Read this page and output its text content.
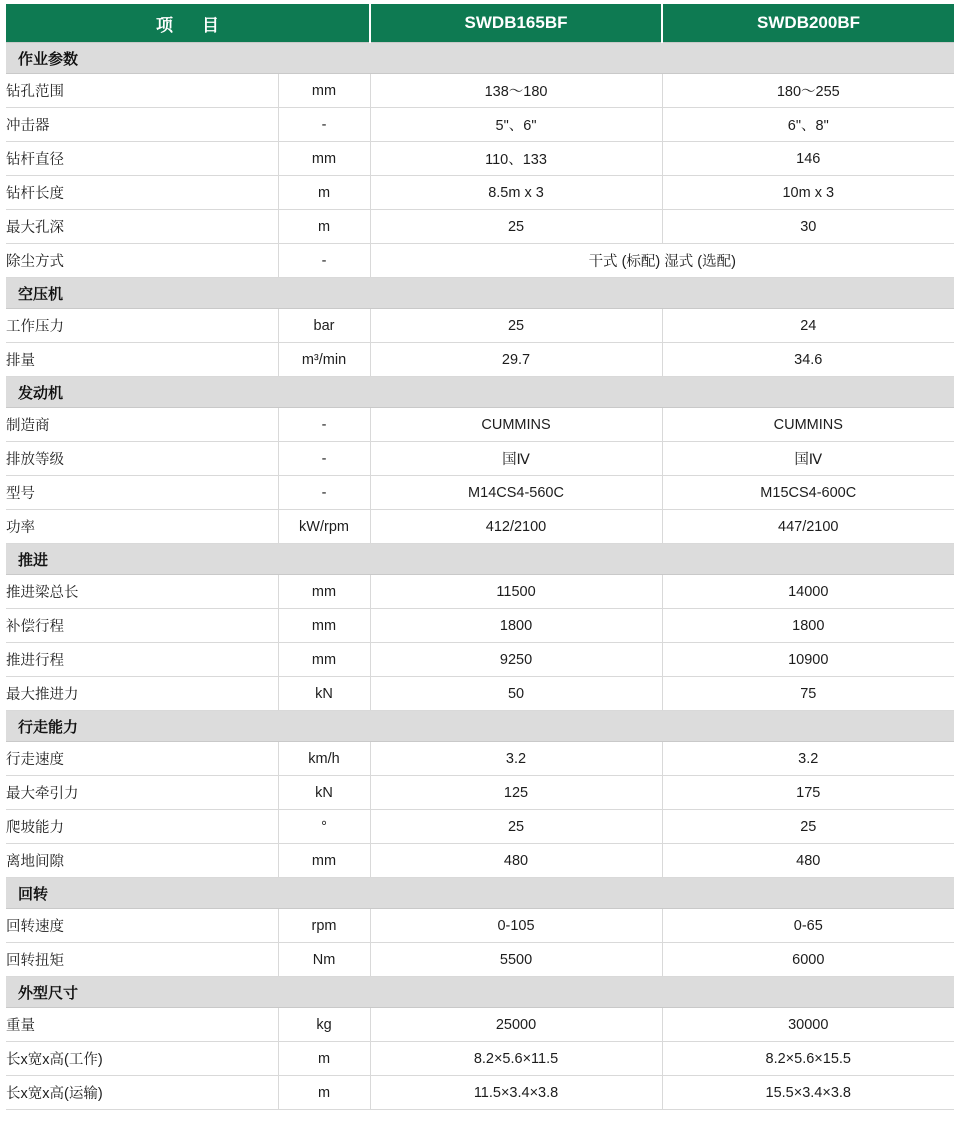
项　目		SWDB165BF	SWDB200BF
作业参数			
钻孔范围	mm	138〜180	180〜255
冲击器	-	5"、6"	6"、8"
钻杆直径	mm	110、133	146
钻杆长度	m	8.5m x 3	10m x 3
最大孔深	m	25	30
除尘方式	-	干式 (标配) 湿式 (选配)	
空压机			
工作压力	bar	25	24
排量	m³/min	29.7	34.6
发动机			
制造商	-	CUMMINS	CUMMINS
排放等级	-	国Ⅳ	国Ⅳ
型号	-	M14CS4-560C	M15CS4-600C
功率	kW/rpm	412/2100	447/2100
推进			
推进梁总长	mm	11500	14000
补偿行程	mm	1800	1800
推进行程	mm	9250	10900
最大推进力	kN	50	75
行走能力			
行走速度	km/h	3.2	3.2
最大牵引力	kN	125	175
爬坡能力	°	25	25
离地间隙	mm	480	480
回转			
回转速度	rpm	0-105	0-65
回转扭矩	Nm	5500	6000
外型尺寸			
重量	kg	25000	30000
长x宽x高(工作)	m	8.2×5.6×11.5	8.2×5.6×15.5
长x宽x高(运输)	m	11.5×3.4×3.8	15.5×3.4×3.8
